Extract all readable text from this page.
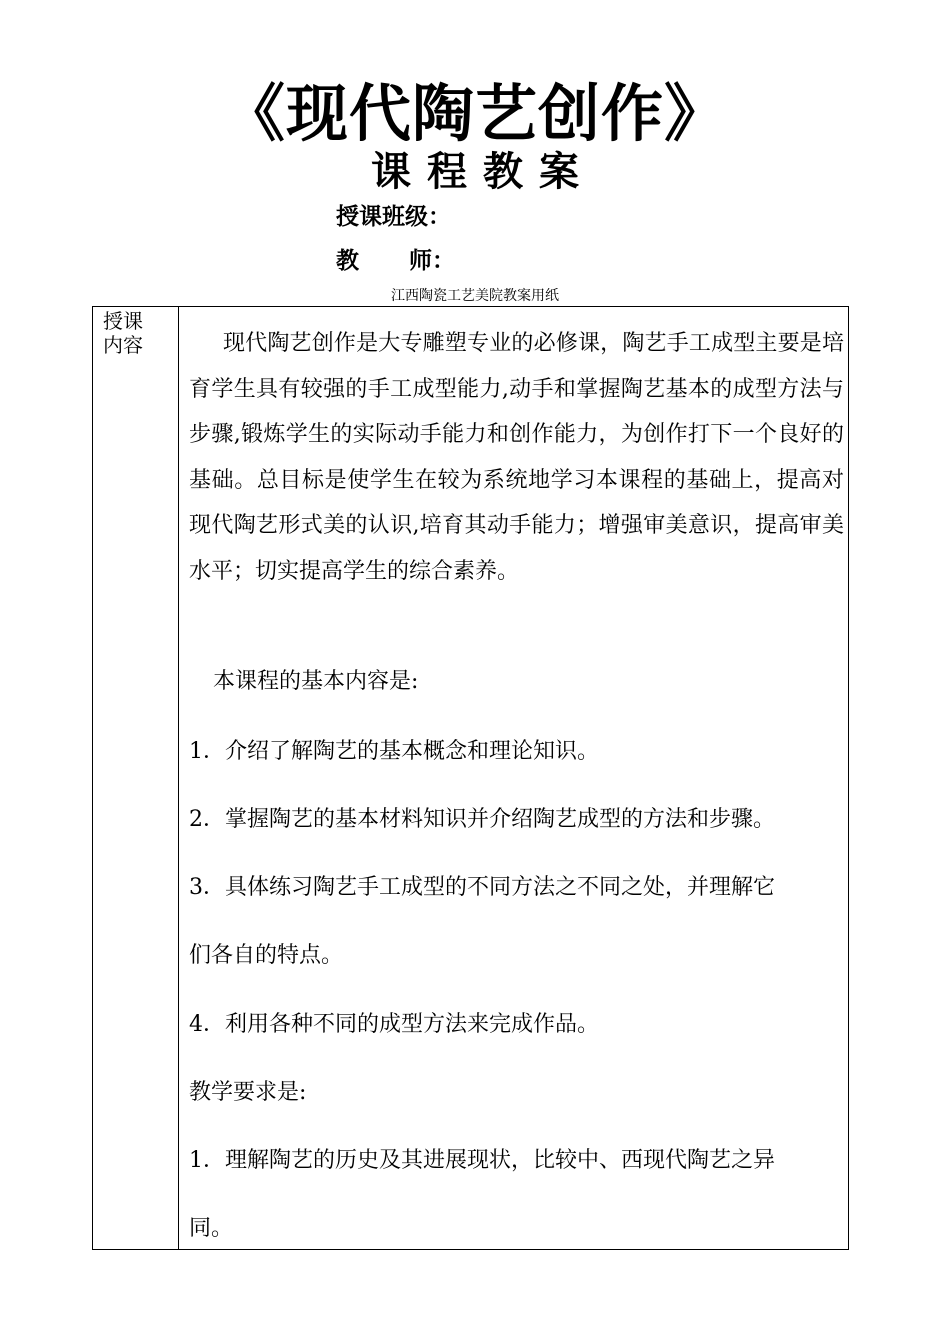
《现代陶艺创作》
课程教案
授课班级：
教 师：
江西陶瓷工艺美院教案用纸
授课内容	现代陶艺创作是大专雕塑专业的必修课，陶艺手工成型主要是培育学生具有较强的手工成型能力,动手和掌握陶艺基本的成型方法与步骤,锻炼学生的实际动手能力和创作能力，为创作打下一个良好的基础。总目标是使学生在较为系统地学习本课程的基础上，提高对现代陶艺形式美的认识,培育其动手能力；增强审美意识，提高审美水平；切实提高学生的综合素养。

本课程的基本内容是:
1．介绍了解陶艺的基本概念和理论知识。
2．掌握陶艺的基本材料知识并介绍陶艺成型的方法和步骤。
3．具体练习陶艺手工成型的不同方法之不同之处，并理解它
们各自的特点。
4．利用各种不同的成型方法来完成作品。
教学要求是:
1．理解陶艺的历史及其进展现状，比较中、西现代陶艺之异
同。
